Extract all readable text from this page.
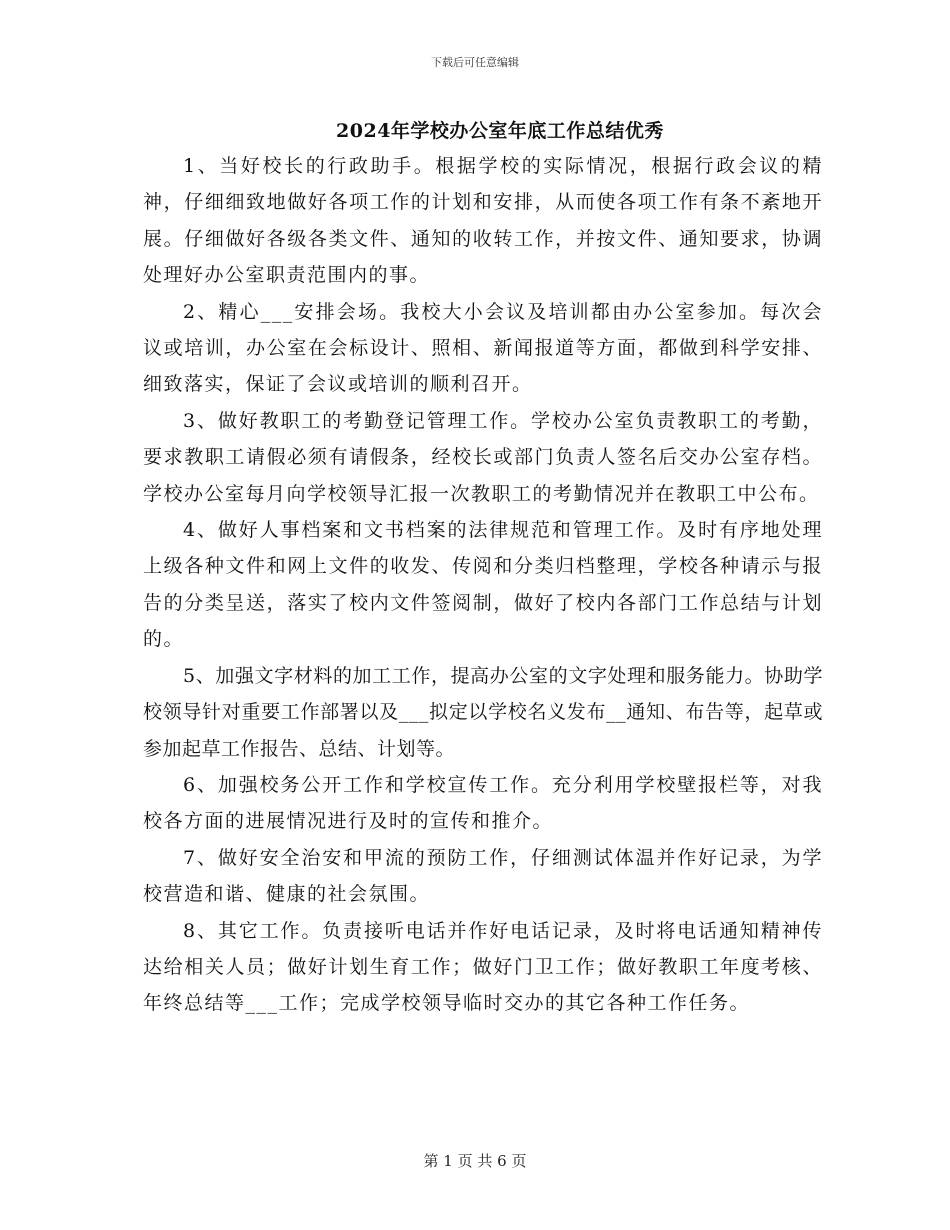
下载后可任意编辑
2024年学校办公室年底工作总结优秀

1、当好校长的行政助手。根据学校的实际情况，根据行政会议的精神，仔细细致地做好各项工作的计划和安排，从而使各项工作有条不紊地开展。仔细做好各级各类文件、通知的收转工作，并按文件、通知要求，协调处理好办公室职责范围内的事。

2、精心___安排会场。我校大小会议及培训都由办公室参加。每次会议或培训，办公室在会标设计、照相、新闻报道等方面，都做到科学安排、细致落实，保证了会议或培训的顺利召开。

3、做好教职工的考勤登记管理工作。学校办公室负责教职工的考勤，要求教职工请假必须有请假条，经校长或部门负责人签名后交办公室存档。学校办公室每月向学校领导汇报一次教职工的考勤情况并在教职工中公布。

4、做好人事档案和文书档案的法律规范和管理工作。及时有序地处理上级各种文件和网上文件的收发、传阅和分类归档整理，学校各种请示与报告的分类呈送，落实了校内文件签阅制，做好了校内各部门工作总结与计划的。

5、加强文字材料的加工工作，提高办公室的文字处理和服务能力。协助学校领导针对重要工作部署以及___拟定以学校名义发布__通知、布告等，起草或参加起草工作报告、总结、计划等。

6、加强校务公开工作和学校宣传工作。充分利用学校壁报栏等，对我校各方面的进展情况进行及时的宣传和推介。

7、做好安全治安和甲流的预防工作，仔细测试体温并作好记录，为学校营造和谐、健康的社会氛围。

8、其它工作。负责接听电话并作好电话记录，及时将电话通知精神传达给相关人员；做好计划生育工作；做好门卫工作；做好教职工年度考核、年终总结等___工作；完成学校领导临时交办的其它各种工作任务。

第 1 页 共 6 页
